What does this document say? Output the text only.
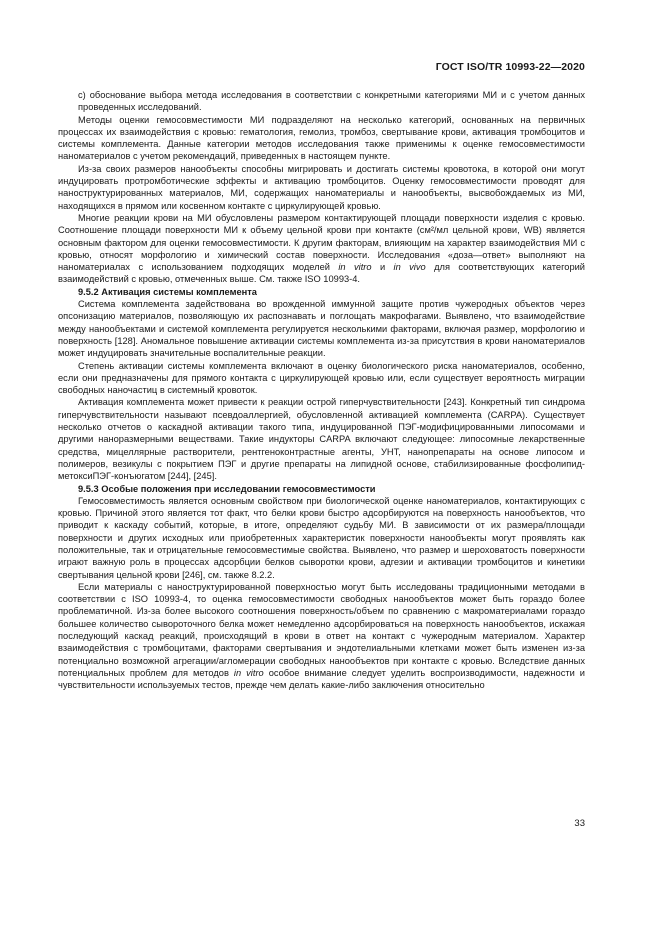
ГОСТ ISO/TR 10993-22—2020

c) обоснование выбора метода исследования в соответствии с конкретными категориями МИ и с учетом данных проведенных исследований.

Методы оценки гемосовместимости МИ подразделяют на несколько категорий, основанных на первичных процессах их взаимодействия с кровью: гематология, гемолиз, тромбоз, свертывание крови, активация тромбоцитов и системы комплемента. Данные категории методов исследования также применимы к оценке гемосовместимости наноматериалов с учетом рекомендаций, приведенных в настоящем пункте.

Из-за своих размеров нанообъекты способны мигрировать и достигать системы кровотока, в которой они могут индуцировать протромботические эффекты и активацию тромбоцитов. Оценку гемосовместимости проводят для наноструктурированных материалов, МИ, содержащих наноматериалы и нанообъекты, высвобождаемых из МИ, находящихся в прямом или косвенном контакте с циркулирующей кровью.

Многие реакции крови на МИ обусловлены размером контактирующей площади поверхности изделия с кровью. Соотношение площади поверхности МИ к объему цельной крови при контакте (см²/мл цельной крови, WB) является основным фактором для оценки гемосовместимости. К другим факторам, влияющим на характер взаимодействия МИ с кровью, относят морфологию и химический состав поверхности. Исследования «доза—ответ» выполняют на наноматериалах с использованием подходящих моделей in vitro и in vivo для соответствующих категорий взаимодействий с кровью, отмеченных выше. См. также ISO 10993-4.

9.5.2 Активация системы комплемента

Система комплемента задействована во врожденной иммунной защите против чужеродных объектов через опсонизацию материалов, позволяющую их распознавать и поглощать макрофагами. Выявлено, что взаимодействие между нанообъектами и системой комплемента регулируется несколькими факторами, включая размер, морфологию и поверхность [128]. Аномальное повышение активации системы комплемента из-за присутствия в крови наноматериалов может индуцировать значительные воспалительные реакции.

Степень активации системы комплемента включают в оценку биологического риска наноматериалов, особенно, если они предназначены для прямого контакта с циркулирующей кровью или, если существует вероятность миграции свободных наночастиц в системный кровоток.

Активация комплемента может привести к реакции острой гиперчувствительности [243]. Конкретный тип синдрома гиперчувствительности называют псевдоаллергией, обусловленной активацией комплемента (CARPA). Существует несколько отчетов о каскадной активации такого типа, индуцированной ПЭГ-модифицированными липосомами и другими наноразмерными веществами. Такие индукторы CARPA включают следующее: липосомные лекарственные средства, мицеллярные растворители, рентгеноконтрастные агенты, УНТ, нанопрепараты на основе липосом и полимеров, везикулы с покрытием ПЭГ и другие препараты на липидной основе, стабилизированные фосфолипид-метоксиПЭГ-конъюгатом [244], [245].

9.5.3 Особые положения при исследовании гемосовместимости

Гемосовместимость является основным свойством при биологической оценке наноматериалов, контактирующих с кровью. Причиной этого является тот факт, что белки крови быстро адсорбируются на поверхность нанообъектов, что приводит к каскаду событий, которые, в итоге, определяют судьбу МИ. В зависимости от их размера/площади поверхности и других исходных или приобретенных характеристик поверхности нанообъекты могут проявлять как положительные, так и отрицательные гемосовместимые свойства. Выявлено, что размер и шероховатость поверхности играют важную роль в процессах адсорбции белков сыворотки крови, адгезии и активации тромбоцитов и кинетики свертывания цельной крови [246], см. также 8.2.2.

Если материалы с наноструктурированной поверхностью могут быть исследованы традиционными методами в соответствии с ISO 10993-4, то оценка гемосовместимости свободных нанообъектов может быть гораздо более проблематичной. Из-за более высокого соотношения поверхность/объем по сравнению с макроматериалами гораздо большее количество сывороточного белка может немедленно адсорбироваться на поверхность нанообъектов, искажая последующий каскад реакций, происходящий в крови в ответ на контакт с чужеродным материалом. Характер взаимодействия с тромбоцитами, факторами свертывания и эндотелиальными клетками может быть изменен из-за потенциально возможной агрегации/агломерации свободных нанообъектов при контакте с кровью. Вследствие данных потенциальных проблем для методов in vitro особое внимание следует уделить воспроизводимости, надежности и чувствительности используемых тестов, прежде чем делать какие-либо заключения относительно

33
